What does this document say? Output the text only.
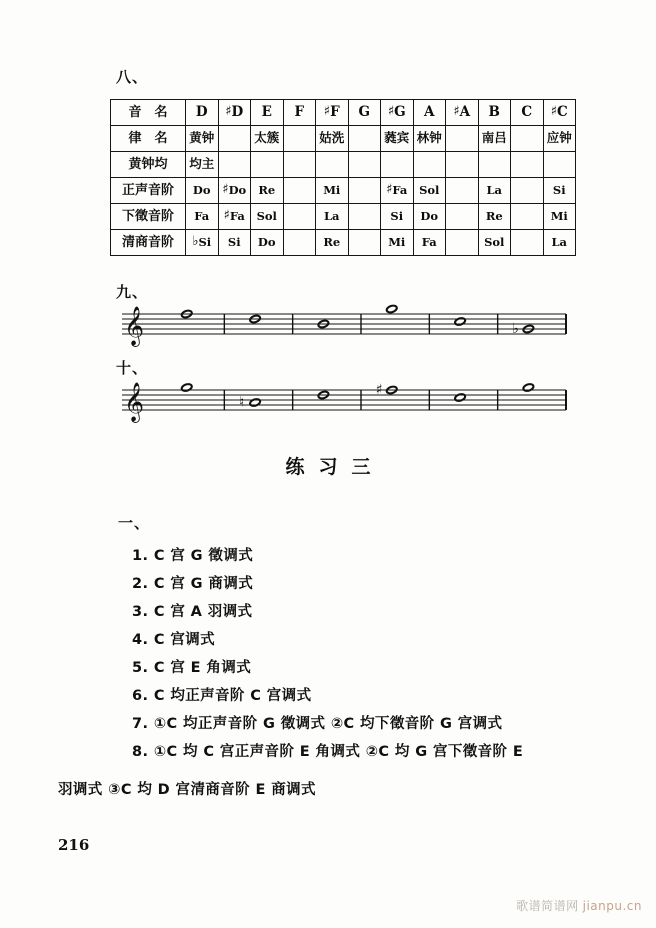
八、
音　名	D	♯D	E	F	♯F	G	♯G	A	♯A	B	C	♯C
律　名	黄钟		太簇		姑洗		蕤宾	林钟		南吕		应钟
黄钟均	均主											
正声音阶	Do	♯Do	Re		Mi		♯Fa	Sol		La		Si
下徵音阶	Fa	♯Fa	Sol		La		Si	Do		Re		Mi
清商音阶	♭Si	Si	Do		Re		Mi	Fa		Sol		La
九、
𝄞	♭
十、
𝄞	♮
♯
练习三
一、
1. C 宫 G 徵调式
2. C 宫 G 商调式
3. C 宫 A 羽调式
4. C 宫调式
5. C 宫 E 角调式
6. C 均正声音阶 C 宫调式
7. ①C 均正声音阶 G 徵调式 ②C 均下徵音阶 G 宫调式
8. ①C 均 C 宫正声音阶 E 角调式 ②C 均 G 宫下徵音阶 E
羽调式 ③C 均 D 宫清商音阶 E 商调式
216
歌谱简谱网 jianpu.cn
